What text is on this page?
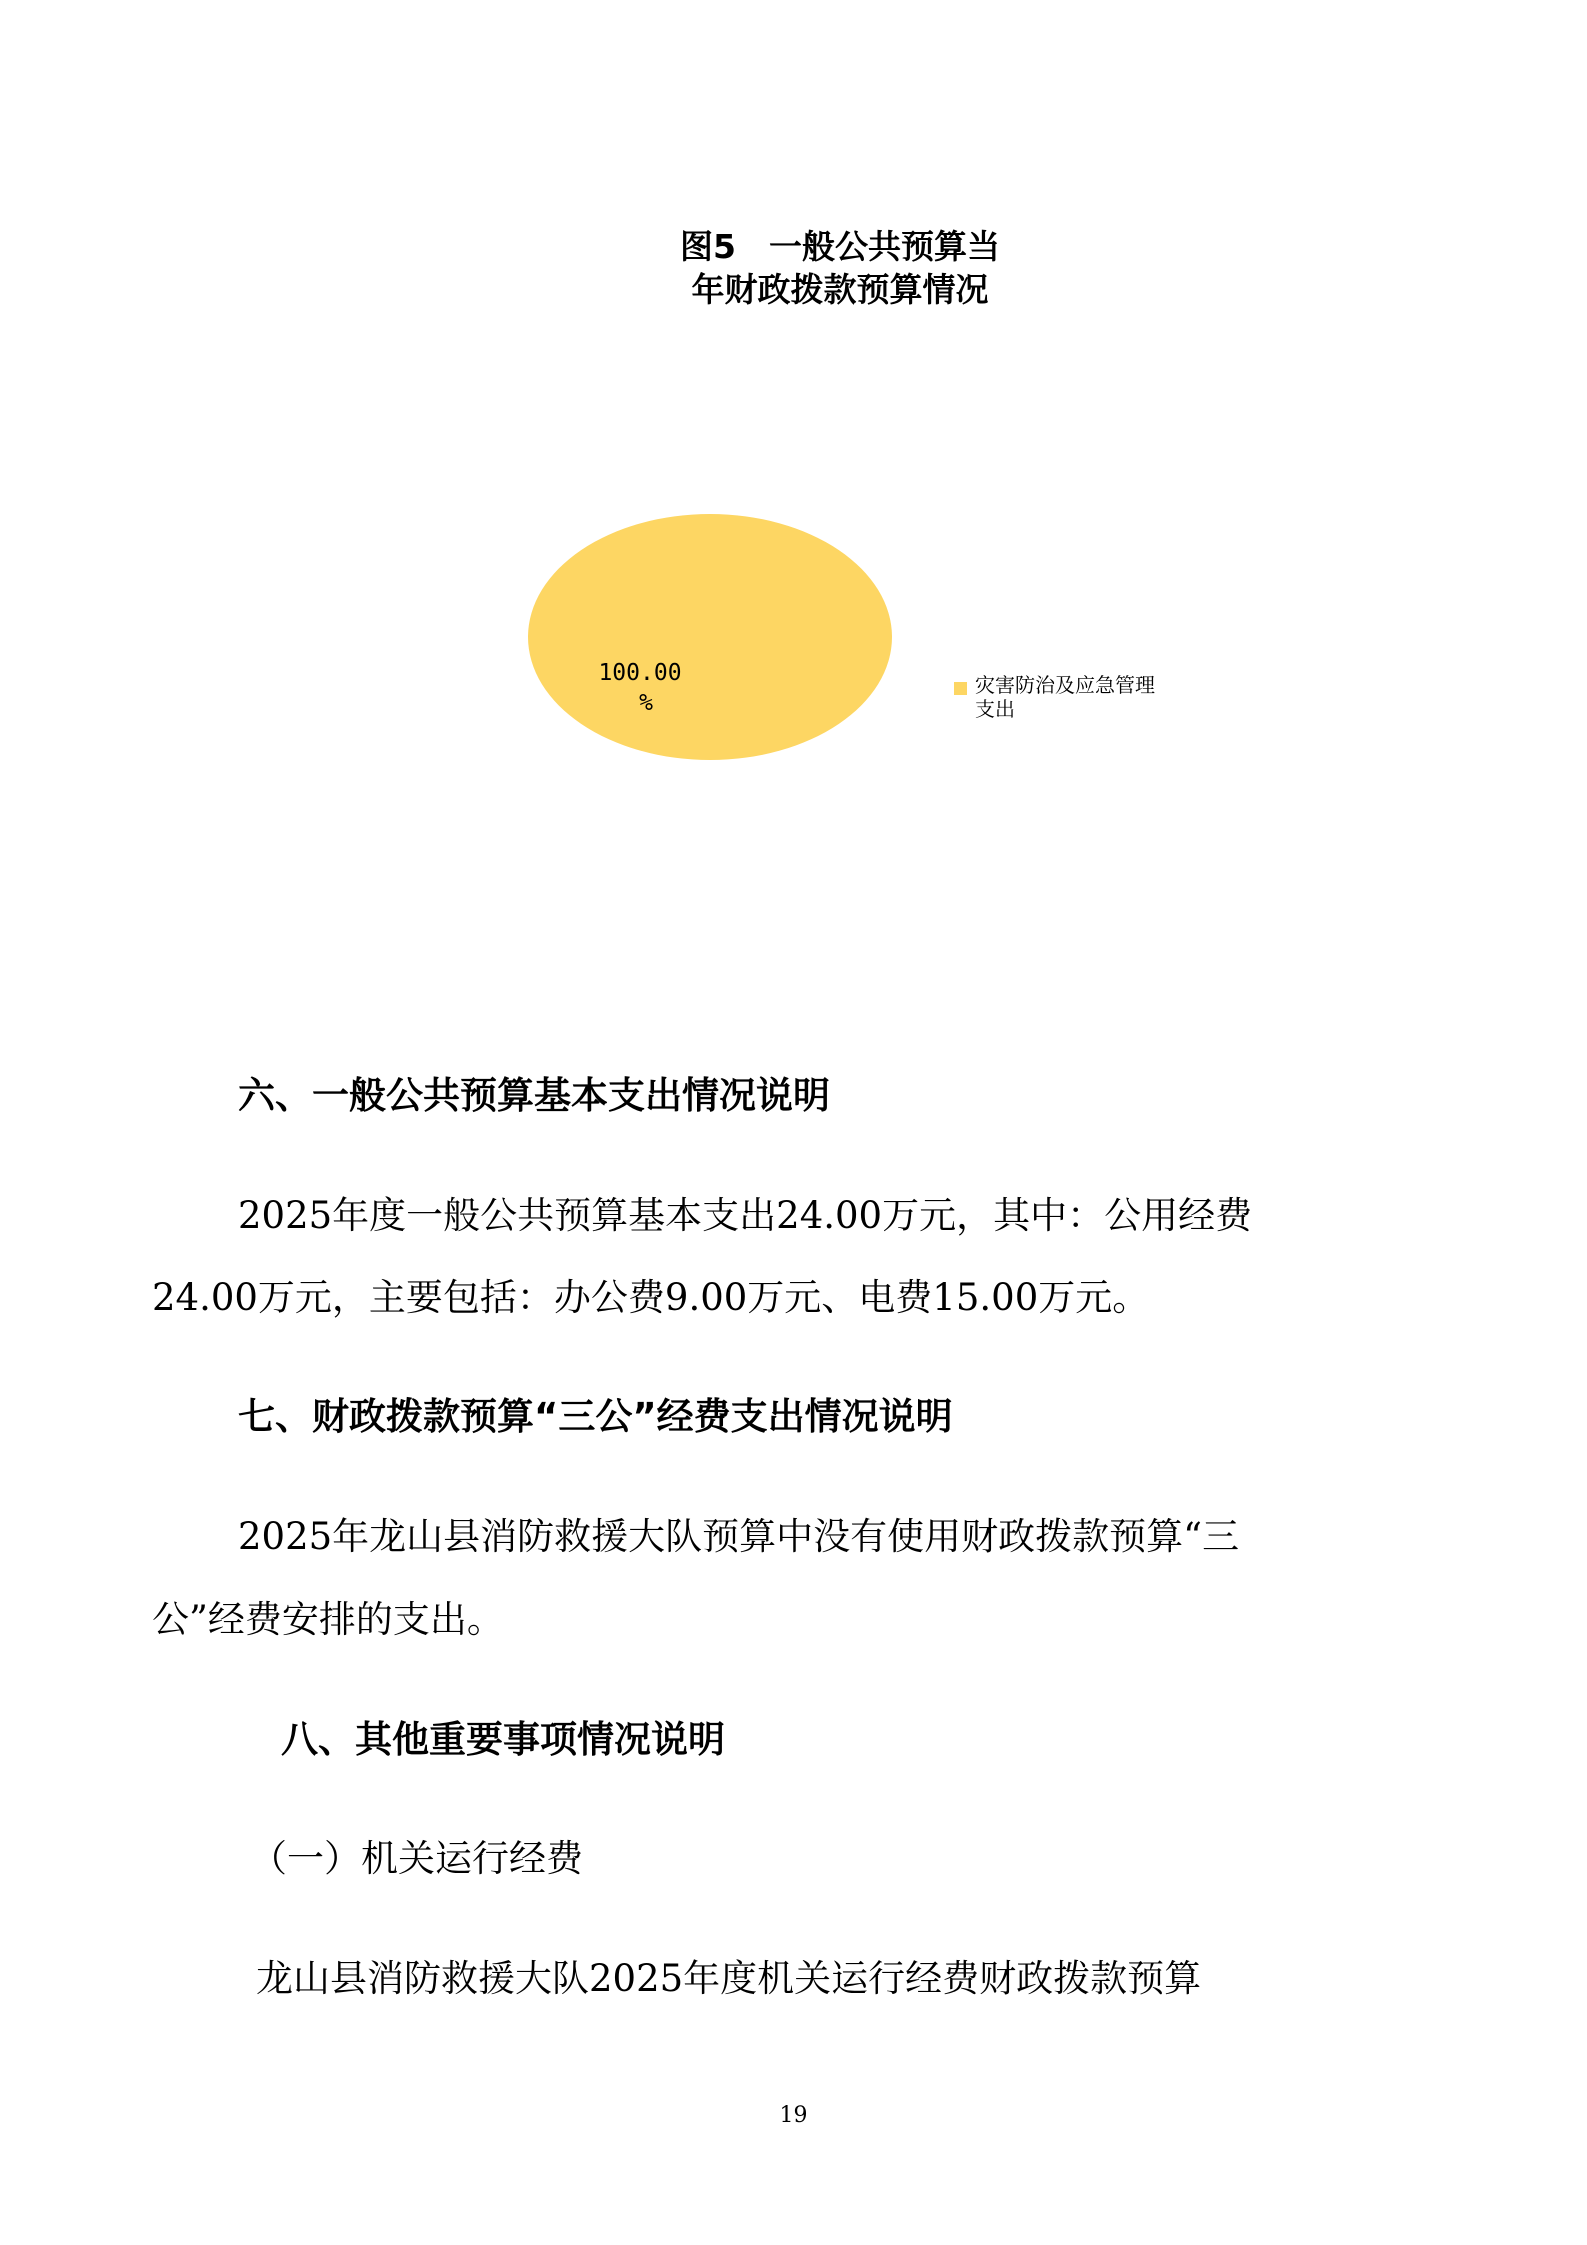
图5　一般公共预算当
年财政拨款预算情况
100.00
%
灾害防治及应急管理支出
六、一般公共预算基本支出情况说明

2025年度一般公共预算基本支出24.00万元，其中：公用经费

24.00万元，主要包括：办公费9.00万元、电费15.00万元。

七、财政拨款预算“三公”经费支出情况说明

2025年龙山县消防救援大队预算中没有使用财政拨款预算“三

公”经费安排的支出。

八、其他重要事项情况说明

（一）机关运行经费

龙山县消防救援大队2025年度机关运行经费财政拨款预算

19
